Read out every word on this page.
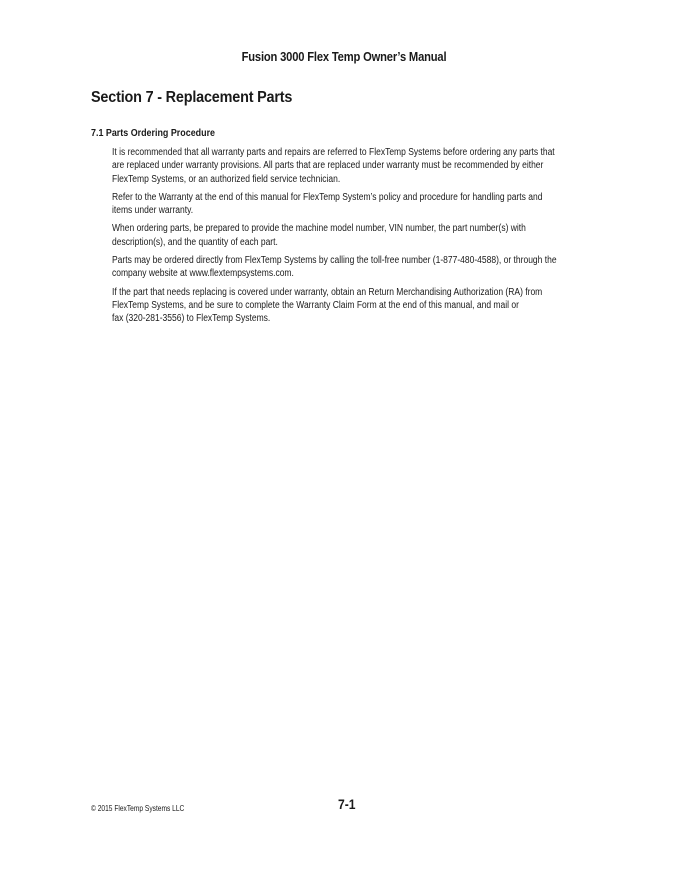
Fusion 3000 Flex Temp Owner’s Manual
Section 7 - Replacement Parts
7.1 Parts Ordering Procedure

It is recommended that all warranty parts and repairs are referred to FlexTemp Systems before ordering any parts that
are replaced under warranty provisions. All parts that are replaced under warranty must be recommended by either
FlexTemp Systems, or an authorized field service technician.

Refer to the Warranty at the end of this manual for FlexTemp System’s policy and procedure for handling parts and
items under warranty.

When ordering parts, be prepared to provide the machine model number, VIN number, the part number(s) with
description(s), and the quantity of each part.

Parts may be ordered directly from FlexTemp Systems by calling the toll-free number (1-877-480-4588), or through the
company website at www.flextempsystems.com.

If the part that needs replacing is covered under warranty, obtain an Return Merchandising Authorization (RA) from
FlexTemp Systems, and be sure to complete the Warranty Claim Form at the end of this manual, and mail or
fax (320-281-3556) to FlexTemp Systems.

© 2015 FlexTemp Systems LLC	7-1
